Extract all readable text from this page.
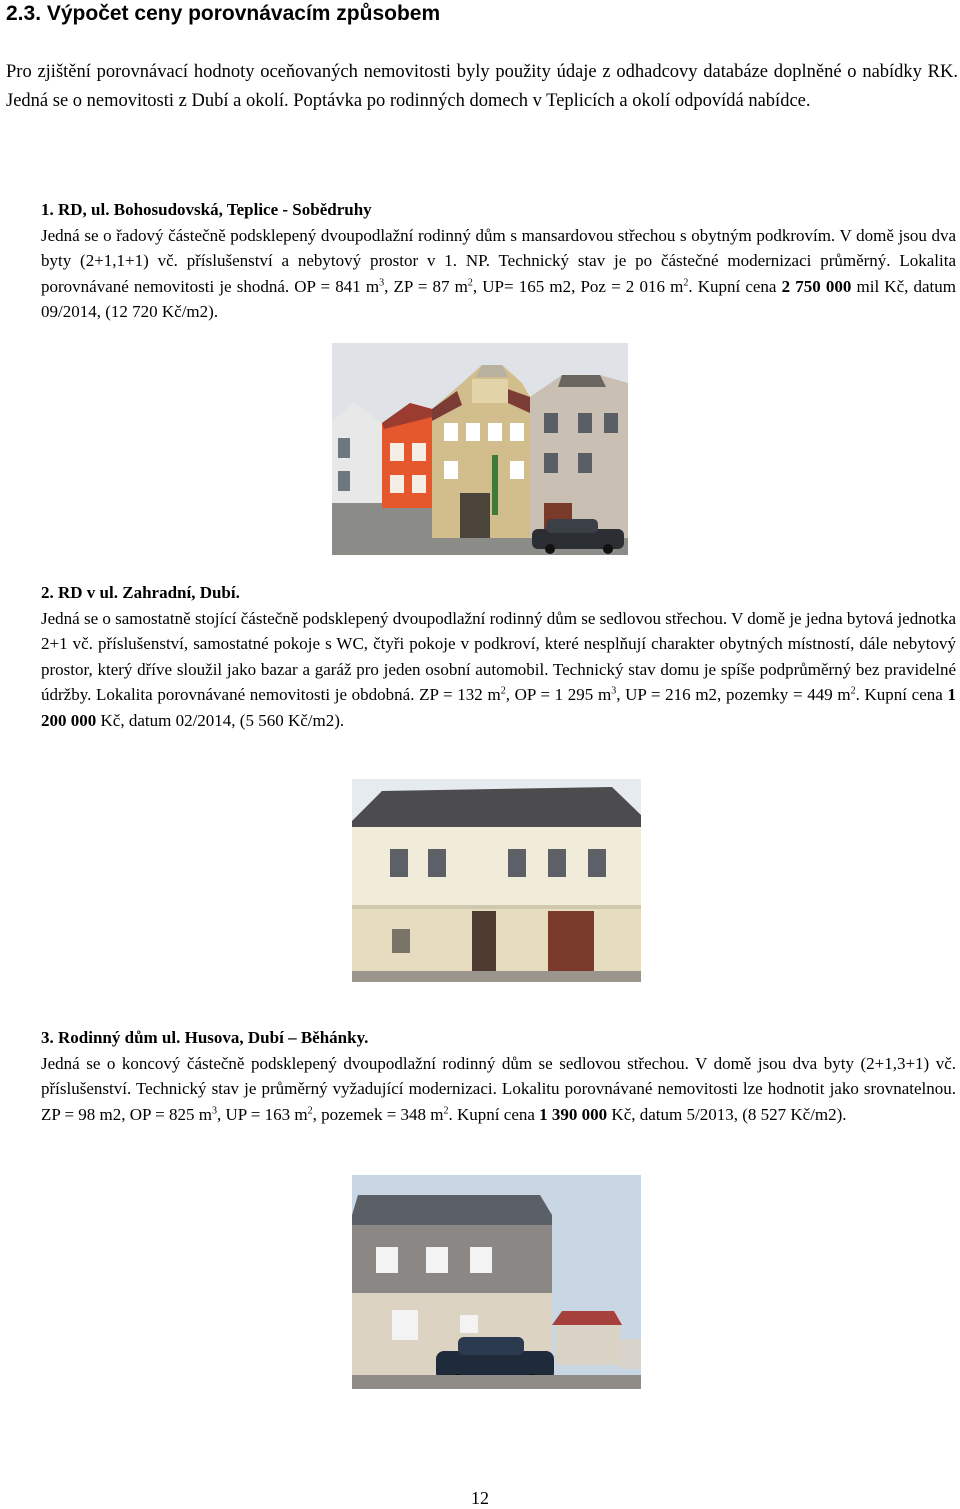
2.3. Výpočet ceny porovnávacím způsobem

Pro zjištění porovnávací hodnoty oceňovaných nemovitosti byly použity údaje z odhadcovy databáze doplněné o nabídky RK. Jedná se o nemovitosti z Dubí a okolí. Poptávka po rodinných domech v Teplicích a okolí odpovídá nabídce.

1. RD, ul. Bohosudovská, Teplice - Sobědruhy
Jedná se o řadový částečně podsklepený dvoupodlažní rodinný dům s mansardovou střechou s obytným podkrovím. V domě jsou dva byty (2+1,1+1) vč. příslušenství a nebytový prostor v 1. NP. Technický stav je po částečné modernizaci průměrný. Lokalita porovnávané nemovitosti je shodná. OP = 841 $m^3$, ZP = 87 $m^2$, UP= 165 m2, Poz = 2 016 $m^2$. Kupní cena 2 750 000 mil Kč, datum 09/2014, (12 720 Kč/m2).

2. RD v ul. Zahradní, Dubí.
Jedná se o samostatně stojící částečně podsklepený dvoupodlažní rodinný dům se sedlovou střechou. V domě je jedna bytová jednotka 2+1 vč. příslušenství, samostatné pokoje s WC, čtyři pokoje v podkroví, které nesplňují charakter obytných místností, dále nebytový prostor, který dříve sloužil jako bazar a garáž pro jeden osobní automobil. Technický stav domu je spíše podprůměrný bez pravidelné údržby. Lokalita porovnávané nemovitosti je obdobná. ZP = 132 $m^2$, OP = 1 295 $m^3$, UP = 216 m2, pozemky = 449 $m^2$. Kupní cena 1 200 000 Kč, datum 02/2014, (5 560 Kč/m2).

3. Rodinný dům ul. Husova, Dubí – Běhánky.
Jedná se o koncový částečně podsklepený dvoupodlažní rodinný dům se sedlovou střechou. V domě jsou dva byty (2+1,3+1) vč. příslušenství. Technický stav je průměrný vyžadující modernizaci. Lokalitu porovnávané nemovitosti lze hodnotit jako srovnatelnou. ZP = 98 m2, OP = 825 $m^3$, UP = 163 $m^2$, pozemek = 348 $m^2$. Kupní cena 1 390 000 Kč, datum 5/2013, (8 527 Kč/m2).

12
